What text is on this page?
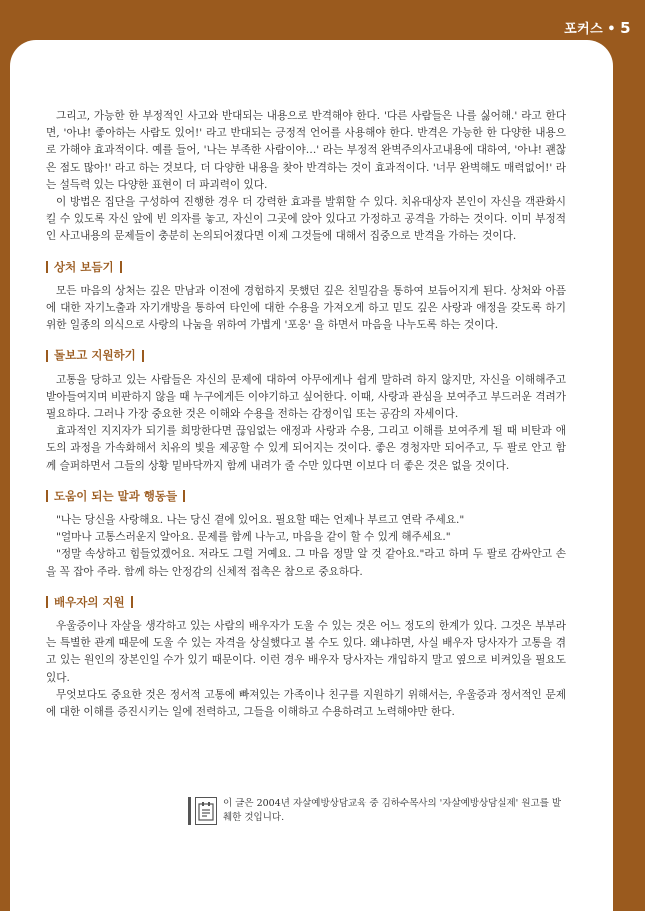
포커스 • 5

그리고, 가능한 한 부정적인 사고와 반대되는 내용으로 반격해야 한다. '다른 사람들은 나를 싫어해.' 라고 한다면, '아냐! 좋아하는 사람도 있어!' 라고 반대되는 긍정적 언어를 사용해야 한다. 반격은 가능한 한 다양한 내용으로 가해야 효과적이다. 예를 들어, '나는 부족한 사람이야…' 라는 부정적 완벽주의사고내용에 대하여, '아냐! 괜찮은 점도 많아!' 라고 하는 것보다, 더 다양한 내용을 찾아 반격하는 것이 효과적이다. '너무 완벽해도 매력없어!' 라는 설득력 있는 다양한 표현이 더 파괴력이 있다.

이 방법은 집단을 구성하여 진행한 경우 더 강력한 효과를 발휘할 수 있다. 치유대상자 본인이 자신을 객관화시킬 수 있도록 자신 앞에 빈 의자를 놓고, 자신이 그곳에 앉아 있다고 가정하고 공격을 가하는 것이다. 이미 부정적인 사고내용의 문제들이 충분히 논의되어졌다면 이제 그것들에 대해서 집중으로 반격을 가하는 것이다.

상처 보듬기

모든 마음의 상처는 깊은 만남과 이전에 경험하지 못했던 깊은 친밀감을 통하여 보듬어지게 된다. 상처와 아픔에 대한 자기노출과 자기개방을 통하여 타인에 대한 수용을 가져오게 하고 믿도 깊은 사랑과 애정을 갖도록 하기 위한 일종의 의식으로 사랑의 나눔을 위하여 가볍게 '포옹' 을 하면서 마음을 나누도록 하는 것이다.

돌보고 지원하기

고통을 당하고 있는 사람들은 자신의 문제에 대하여 아무에게나 쉽게 말하려 하지 않지만, 자신을 이해해주고 받아들여지며 비판하지 않을 때 누구에게든 이야기하고 싶어한다. 이때, 사랑과 관심을 보여주고 부드러운 격려가 필요하다. 그러나 가장 중요한 것은 이해와 수용을 전하는 감정이입 또는 공감의 자세이다.

효과적인 지지자가 되기를 희망한다면 끊임없는 애정과 사랑과 수용, 그리고 이해를 보여주게 될 때 비탄과 애도의 과정을 가속화해서 치유의 빛을 제공할 수 있게 되어지는 것이다. 좋은 경청자만 되어주고, 두 팔로 안고 함께 슬퍼하면서 그들의 상황 밑바닥까지 함께 내려가 줄 수만 있다면 이보다 더 좋은 것은 없을 것이다.

도움이 되는 말과 행동들

"나는 당신을 사랑해요. 나는 당신 곁에 있어요. 필요할 때는 언제나 부르고 연락 주세요."

"얼마나 고통스러운지 알아요. 문제를 함께 나누고, 마음을 같이 할 수 있게 해주세요."

"정말 속상하고 힘들었겠어요. 저라도 그럴 거예요. 그 마음 정말 알 것 같아요."라고 하며 두 팔로 감싸안고 손을 꼭 잡아 주라. 함께 하는 안정감의 신체적 접촉은 참으로 중요하다.

배우자의 지원

우울증이나 자살을 생각하고 있는 사람의 배우자가 도울 수 있는 것은 어느 정도의 한계가 있다. 그것은 부부라는 특별한 관계 때문에 도울 수 있는 자격을 상실했다고 볼 수도 있다. 왜냐하면, 사실 배우자 당사자가 고통을 겪고 있는 원인의 장본인일 수가 있기 때문이다. 이런 경우 배우자 당사자는 개입하지 말고 옆으로 비켜있을 필요도 있다.

무엇보다도 중요한 것은 정서적 고통에 빠져있는 가족이나 친구를 지원하기 위해서는, 우울증과 정서적인 문제에 대한 이해를 증진시키는 일에 전력하고, 그들을 이해하고 수용하려고 노력해야만 한다.

이 글은 2004년 자살예방상담교육 중 김하수목사의 '자살예방상담실제' 원고를 발췌한 것입니다.
